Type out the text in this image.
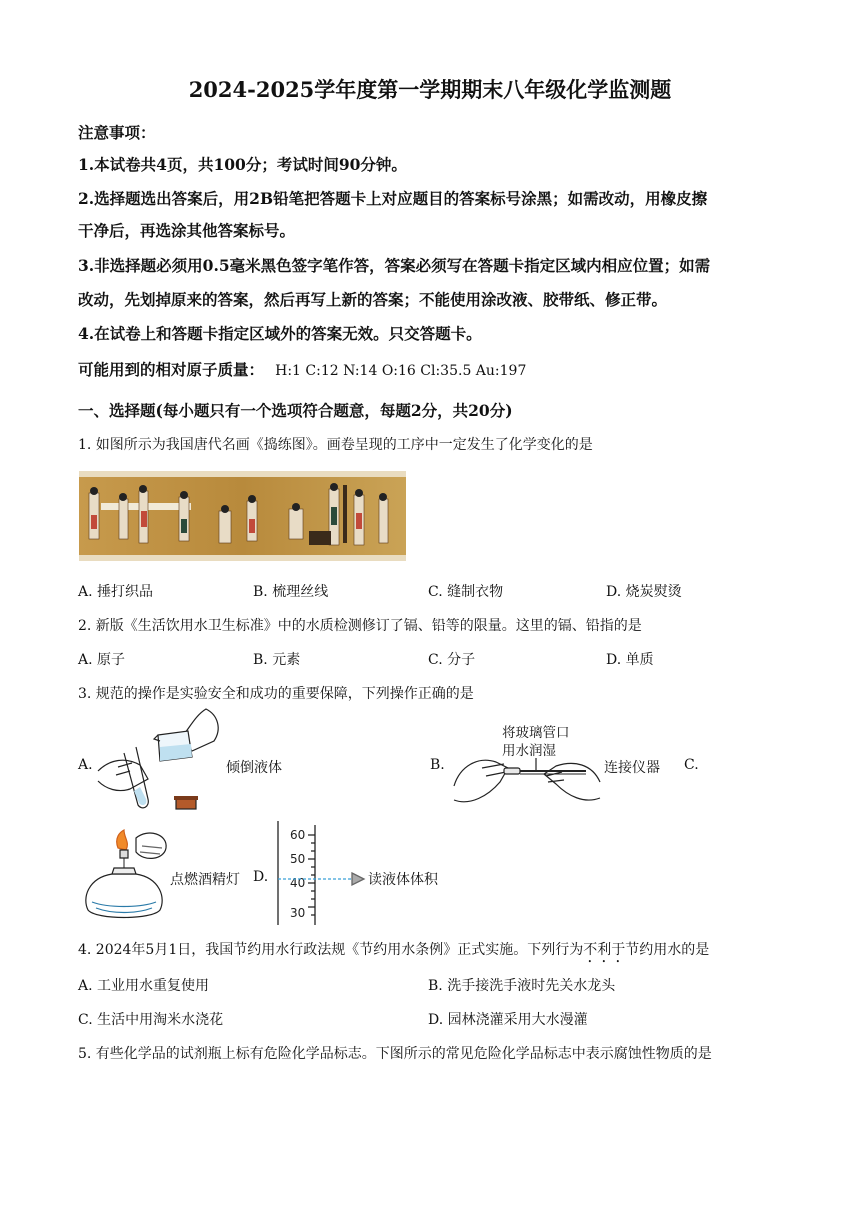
2024-2025学年度第一学期期末八年级化学监测题
注意事项：
1.本试卷共4页，共100分；考试时间90分钟。
2.选择题选出答案后，用2B铅笔把答题卡上对应题目的答案标号涂黑；如需改动，用橡皮擦
干净后，再选涂其他答案标号。
3.非选择题必须用0.5毫米黑色签字笔作答，答案必须写在答题卡指定区域内相应位置；如需
改动，先划掉原来的答案，然后再写上新的答案；不能使用涂改液、胶带纸、修正带。
4.在试卷上和答题卡指定区域外的答案无效。只交答题卡。
可能用到的相对原子质量： H:1 C:12 N:14 O:16 Cl:35.5 Au:197
一、选择题(每小题只有一个选项符合题意，每题2分，共20分)
1. 如图所示为我国唐代名画《捣练图》。画卷呈现的工序中一定发生了化学变化的是
A. 捶打织品	B. 梳理丝线	C. 缝制衣物	D. 烧炭熨烫
2. 新版《生活饮用水卫生标准》中的水质检测修订了镉、铅等的限量。这里的镉、铅指的是
A. 原子	B. 元素	C. 分子	D. 单质
3. 规范的操作是实验安全和成功的重要保障，下列操作正确的是
A.	倾倒液体	B.
将玻璃管口
用水润湿
连接仪器 C.
点燃酒精灯 D.
60
50
40
30
读液体体积
4. 2024年5月1日，我国节约用水行政法规《节约用水条例》正式实施。下列行为不利于节约用水的是
A. 工业用水重复使用	B. 洗手接洗手液时先关水龙头
C. 生活中用淘米水浇花	D. 园林浇灌采用大水漫灌
5. 有些化学品的试剂瓶上标有危险化学品标志。下图所示的常见危险化学品标志中表示腐蚀性物质的是
